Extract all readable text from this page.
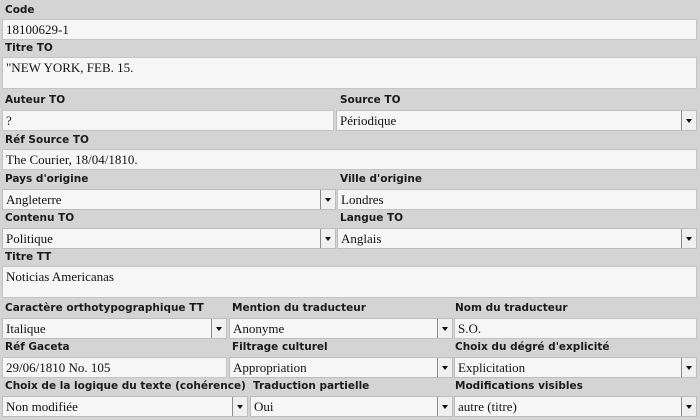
Code
18100629-1
Titre TO
"NEW YORK, FEB. 15.
Auteur TO
?
Source TO
Périodique
Réf Source TO
The Courier, 18/04/1810.
Pays d'origine
Angleterre
Ville d'origine
Londres
Contenu TO
Politique
Langue TO
Anglais
Titre TT
Noticias Americanas
Caractère orthotypographique TT
Italique
Mention du traducteur
Anonyme
Nom du traducteur
S.O.
Réf Gaceta
29/06/1810 No. 105
Filtrage culturel
Appropriation
Choix du dégré d'explicité
Explicitation
Choix de la logique du texte (cohérence)
Non modifiée
Traduction partielle
Oui
Modifications visibles
autre (titre)
